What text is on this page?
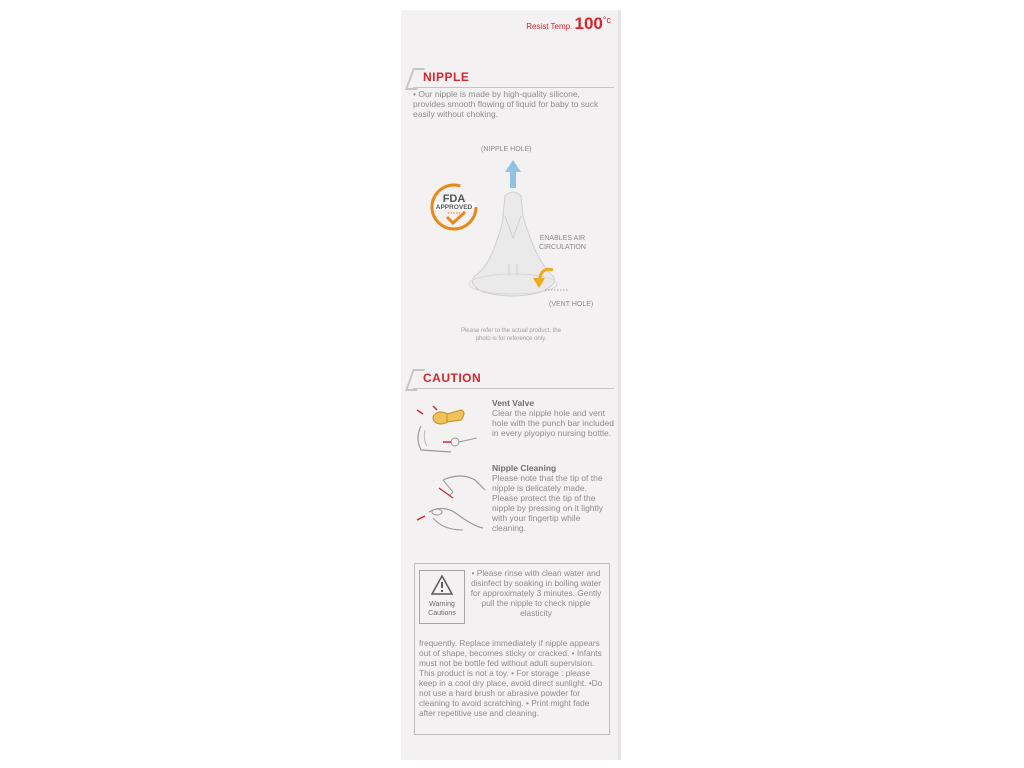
Resist Temp. 100°c
NIPPLE
• Our nipple is made by high-quality silicone, provides smooth flowing of liquid for baby to suck easily without choking.
(NIPPLE HOLE)
FDA
APPROVED
★★★★★
ENABLES AIR
CIRCULATION
(VENT HOLE)
Please refer to the actual product, the
photo is for reference only.
CAUTION
Vent Valve
Clear the nipple hole and vent hole with the punch bar included in every piyopiyo nursing bottle.
Nipple Cleaning
Please note that the tip of the nipple is delicately made. Please protect the tip of the nipple by pressing on it lightly with your fingertip while cleaning.
Warning
Cautions
• Please rinse with clean water and disinfect by soaking in boiling water for approximately 3 minutes. Gently pull the nipple to check nipple elasticity
frequently. Replace immediately if nipple appears out of shape, becomes sticky or cracked. • Infants must not be bottle fed without adult supervision. This product is not a toy. • For storage : please keep in a cool dry place, avoid direct sunlight. •Do not use a hard brush or abrasive powder for cleaning to avoid scratching. • Print might fade after repetitive use and cleaning.
